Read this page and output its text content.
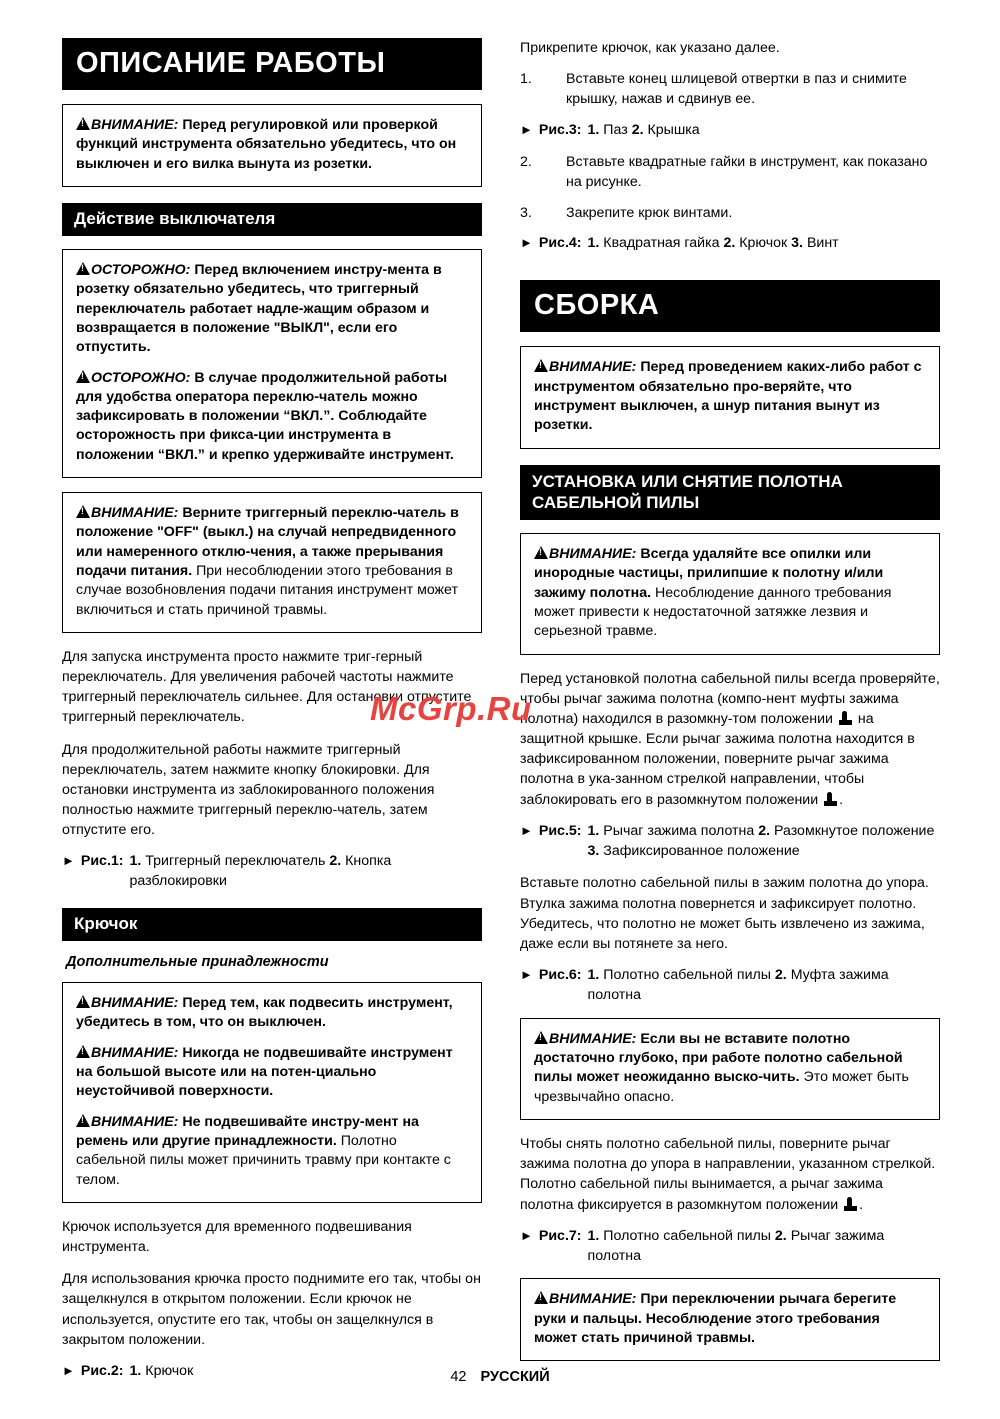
McGrp.Ru
ОПИСАНИЕ РАБОТЫ

!ВНИМАНИЕ: Перед регулировкой или проверкой функций инструмента обязательно убедитесь, что он выключен и его вилка вынута из розетки.

Действие выключателя

!ОСТОРОЖНО: Перед включением инстру-мента в розетку обязательно убедитесь, что триггерный переключатель работает надле-жащим образом и возвращается в положение "ВЫКЛ", если его отпустить.

!ОСТОРОЖНО: В случае продолжительной работы для удобства оператора переклю-чатель можно зафиксировать в положении “ВКЛ.”. Соблюдайте осторожность при фикса-ции инструмента в положении “ВКЛ.” и крепко удерживайте инструмент.

!ВНИМАНИЕ: Верните триггерный переклю-чатель в положение "OFF" (выкл.) на случай непредвиденного или намеренного отклю-чения, а также прерывания подачи питания. При несоблюдении этого требования в случае возобновления подачи питания инструмент может включиться и стать причиной травмы.

Для запуска инструмента просто нажмите триг-герный переключатель. Для увеличения рабочей частоты нажмите триггерный переключатель сильнее. Для остановки отпустите триггерный переключатель.

Для продолжительной работы нажмите триггерный переключатель, затем нажмите кнопку блокировки. Для остановки инструмента из заблокированного положения полностью нажмите триггерный переклю-чатель, затем отпустите его.

► Рис.1: 1. Триггерный переключатель 2. Кнопка
разблокировки
Крючок
Дополнительные принадлежности

!ВНИМАНИЕ: Перед тем, как подвесить инструмент, убедитесь в том, что он выключен.

!ВНИМАНИЕ: Никогда не подвешивайте инструмент на большой высоте или на потен-циально неустойчивой поверхности.

!ВНИМАНИЕ: Не подвешивайте инстру-мент на ремень или другие принадлежности. Полотно сабельной пилы может причинить травму при контакте с телом.

Крючок используется для временного подвешивания инструмента.

Для использования крючка просто поднимите его так, чтобы он защелкнулся в открытом положении. Если крючок не используется, опустите его так, чтобы он защелкнулся в закрытом положении.

► Рис.2: 1. Крючок

Прикрепите крючок, как указано далее.

1.	Вставьте конец шлицевой отвертки в паз и снимите крышку, нажав и сдвинув ее.
► Рис.3: 1. Паз 2. Крышка
2.	Вставьте квадратные гайки в инструмент, как показано на рисунке.
3.	Закрепите крюк винтами.
► Рис.4: 1. Квадратная гайка 2. Крючок 3. Винт
СБОРКА

!ВНИМАНИЕ: Перед проведением каких-либо работ с инструментом обязательно про-веряйте, что инструмент выключен, а шнур питания вынут из розетки.

УСТАНОВКА ИЛИ СНЯТИЕ ПОЛОТНА САБЕЛЬНОЙ ПИЛЫ

!ВНИМАНИЕ: Всегда удаляйте все опилки или инородные частицы, прилипшие к полотну и/или зажиму полотна. Несоблюдение данного требования может привести к недостаточной затяжке лезвия и серьезной травме.

Перед установкой полотна сабельной пилы всегда проверяйте, чтобы рычаг зажима полотна (компо-нент муфты зажима полотна) находился в разомкну-том положении  на защитной крышке. Если рычаг зажима полотна находится в зафиксированном положении, поверните рычаг зажима полотна в ука-занном стрелкой направлении, чтобы заблокировать его в разомкнутом положении .

► Рис.5: 1. Рычаг зажима полотна 2. Разомкнутое положение 3. Зафиксированное положение

Вставьте полотно сабельной пилы в зажим полотна до упора. Втулка зажима полотна повернется и зафиксирует полотно. Убедитесь, что полотно не может быть извлечено из зажима, даже если вы потянете за него.

► Рис.6: 1. Полотно сабельной пилы 2. Муфта зажима полотна

!ВНИМАНИЕ: Если вы не вставите полотно достаточно глубоко, при работе полотно сабельной пилы может неожиданно выско-чить. Это может быть чрезвычайно опасно.

Чтобы снять полотно сабельной пилы, поверните рычаг зажима полотна до упора в направлении, указанном стрелкой. Полотно сабельной пилы вынимается, а рычаг зажима полотна фиксируется в разомкнутом положении .

► Рис.7: 1. Полотно сабельной пилы 2. Рычаг зажима полотна

!ВНИМАНИЕ: При переключении рычага берегите руки и пальцы. Несоблюдение этого требования может стать причиной травмы.

42 РУССКИЙ
